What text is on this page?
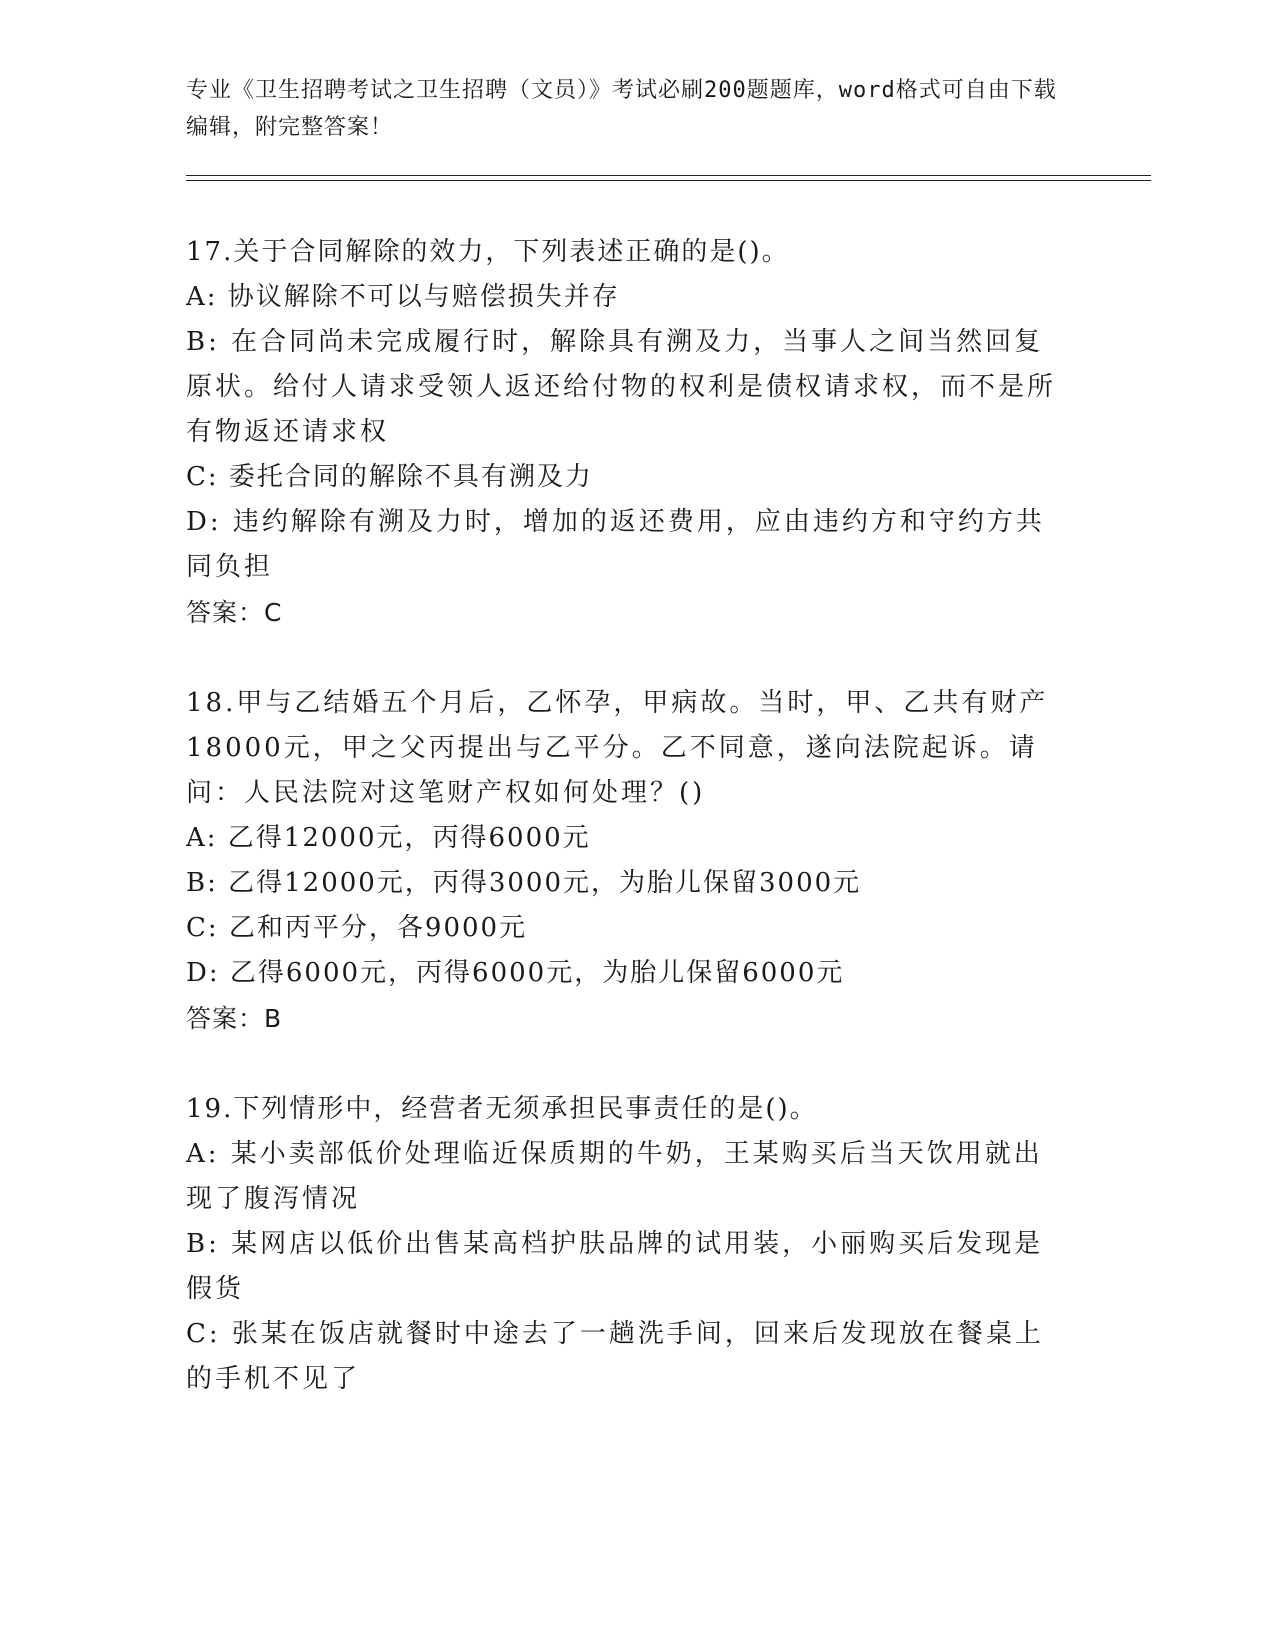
专业《卫生招聘考试之卫生招聘（文员）》考试必刷200题题库，word格式可自由下载编辑，附完整答案！
17.关于合同解除的效力，下列表述正确的是()。
A: 协议解除不可以与赔偿损失并存
B: 在合同尚未完成履行时，解除具有溯及力，当事人之间当然回复原状。给付人请求受领人返还给付物的权利是债权请求权，而不是所有物返还请求权
C: 委托合同的解除不具有溯及力
D: 违约解除有溯及力时，增加的返还费用，应由违约方和守约方共同负担
答案：C
18.甲与乙结婚五个月后，乙怀孕，甲病故。当时，甲、乙共有财产18000元，甲之父丙提出与乙平分。乙不同意，遂向法院起诉。请问：人民法院对这笔财产权如何处理？()
A: 乙得12000元，丙得6000元
B: 乙得12000元，丙得3000元，为胎儿保留3000元
C: 乙和丙平分，各9000元
D: 乙得6000元，丙得6000元，为胎儿保留6000元
答案：B
19.下列情形中，经营者无须承担民事责任的是()。
A: 某小卖部低价处理临近保质期的牛奶，王某购买后当天饮用就出现了腹泻情况
B: 某网店以低价出售某高档护肤品牌的试用装，小丽购买后发现是假货
C: 张某在饭店就餐时中途去了一趟洗手间，回来后发现放在餐桌上的手机不见了
